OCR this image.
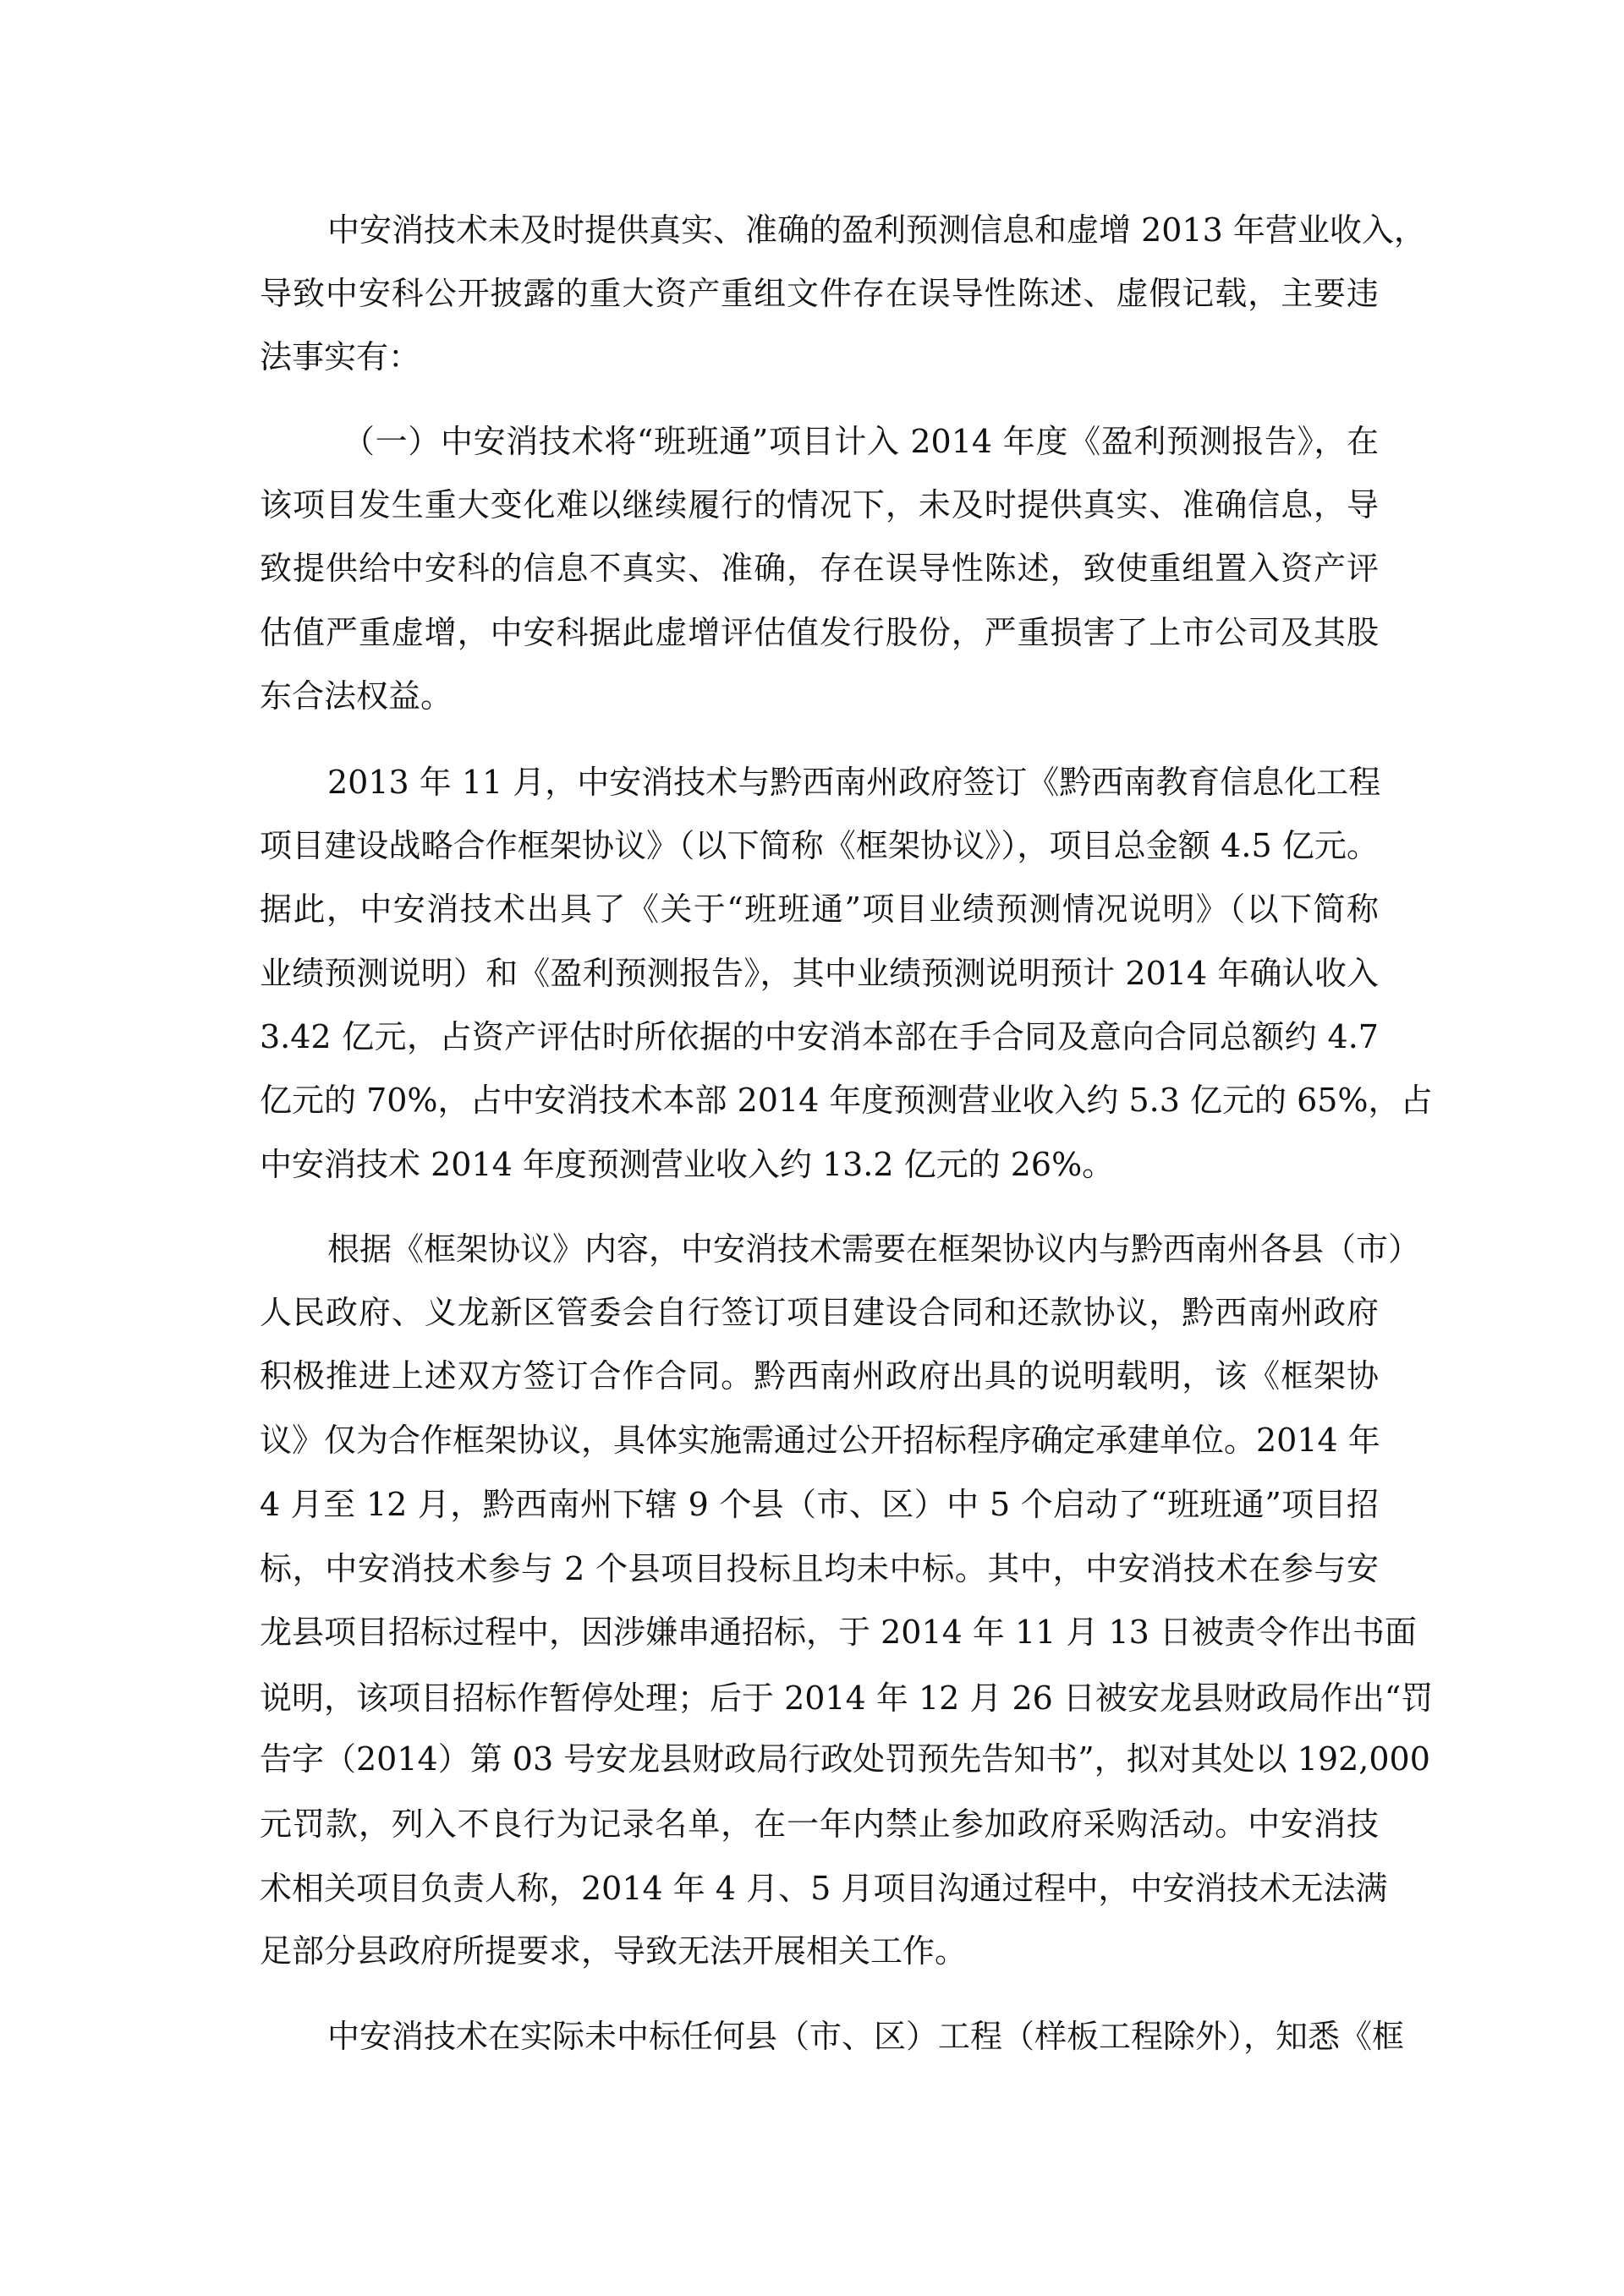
中安消技术未及时提供真实、准确的盈利预测信息和虚增 2013 年营业收入，
导致中安科公开披露的重大资产重组文件存在误导性陈述、虚假记载，主要违
法事实有：
（一）中安消技术将“班班通”项目计入 2014 年度《盈利预测报告》，在
该项目发生重大变化难以继续履行的情况下，未及时提供真实、准确信息，导
致提供给中安科的信息不真实、准确，存在误导性陈述，致使重组置入资产评
估值严重虚增，中安科据此虚增评估值发行股份，严重损害了上市公司及其股
东合法权益。
2013 年 11 月，中安消技术与黔西南州政府签订《黔西南教育信息化工程
项目建设战略合作框架协议》（以下简称《框架协议》），项目总金额 4.5 亿元。
据此，中安消技术出具了《关于“班班通”项目业绩预测情况说明》（以下简称
业绩预测说明）和《盈利预测报告》，其中业绩预测说明预计 2014 年确认收入
3.42 亿元，占资产评估时所依据的中安消本部在手合同及意向合同总额约 4.7
亿元的 70%，占中安消技术本部 2014 年度预测营业收入约 5.3 亿元的 65%，占
中安消技术 2014 年度预测营业收入约 13.2 亿元的 26%。
根据《框架协议》内容，中安消技术需要在框架协议内与黔西南州各县（市）
人民政府、义龙新区管委会自行签订项目建设合同和还款协议，黔西南州政府
积极推进上述双方签订合作合同。黔西南州政府出具的说明载明，该《框架协
议》仅为合作框架协议，具体实施需通过公开招标程序确定承建单位。2014 年
4 月至 12 月，黔西南州下辖 9 个县（市、区）中 5 个启动了“班班通”项目招
标，中安消技术参与 2 个县项目投标且均未中标。其中，中安消技术在参与安
龙县项目招标过程中，因涉嫌串通招标，于 2014 年 11 月 13 日被责令作出书面
说明，该项目招标作暂停处理；后于 2014 年 12 月 26 日被安龙县财政局作出“罚
告字（2014）第 03 号安龙县财政局行政处罚预先告知书”，拟对其处以 192,000
元罚款，列入不良行为记录名单，在一年内禁止参加政府采购活动。中安消技
术相关项目负责人称，2014 年 4 月、5 月项目沟通过程中，中安消技术无法满
足部分县政府所提要求，导致无法开展相关工作。
中安消技术在实际未中标任何县（市、区）工程（样板工程除外），知悉《框
